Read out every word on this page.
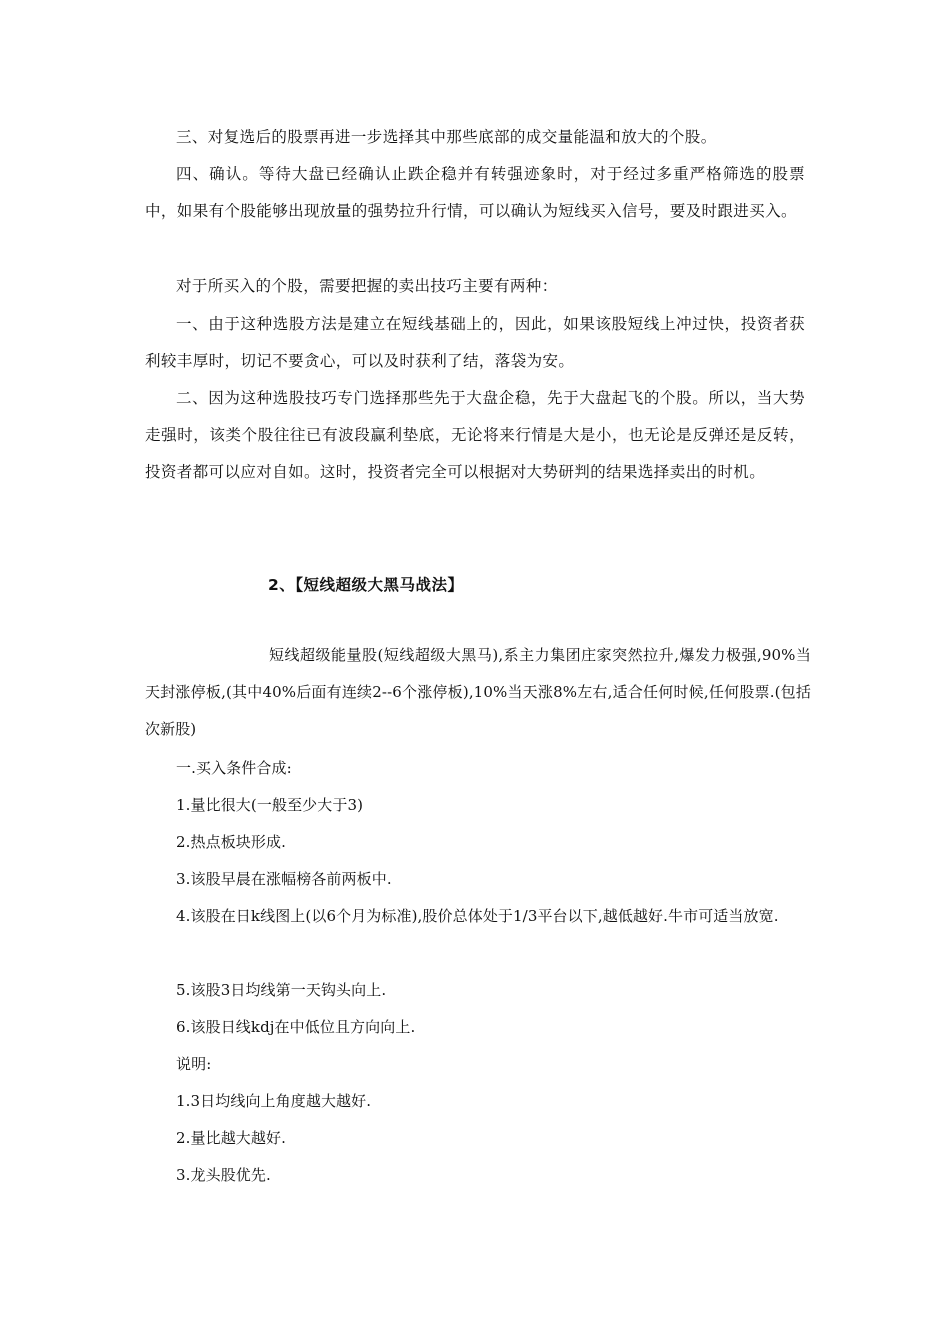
三、对复选后的股票再进一步选择其中那些底部的成交量能温和放大的个股。

四、确认。等待大盘已经确认止跌企稳并有转强迹象时，对于经过多重严格筛选的股票中，如果有个股能够出现放量的强势拉升行情，可以确认为短线买入信号，要及时跟进买入。

对于所买入的个股，需要把握的卖出技巧主要有两种：

一、由于这种选股方法是建立在短线基础上的，因此，如果该股短线上冲过快，投资者获利较丰厚时，切记不要贪心，可以及时获利了结，落袋为安。

二、因为这种选股技巧专门选择那些先于大盘企稳，先于大盘起飞的个股。所以，当大势走强时，该类个股往往已有波段赢利垫底，无论将来行情是大是小，也无论是反弹还是反转，投资者都可以应对自如。这时，投资者完全可以根据对大势研判的结果选择卖出的时机。

2、【短线超级大黑马战法】

短线超级能量股(短线超级大黑马),系主力集团庄家突然拉升,爆发力极强,90%当天封涨停板,(其中40%后面有连续2--6个涨停板),10%当天涨8%左右,适合任何时候,任何股票.(包括次新股)

一.买入条件合成:

1.量比很大(一般至少大于3)

2.热点板块形成.

3.该股早晨在涨幅榜各前两板中.

4.该股在日k线图上(以6个月为标准),股价总体处于1/3平台以下,越低越好.牛市可适当放宽.

5.该股3日均线第一天钩头向上.

6.该股日线kdj在中低位且方向向上.

说明:

1.3日均线向上角度越大越好.

2.量比越大越好.

3.龙头股优先.
